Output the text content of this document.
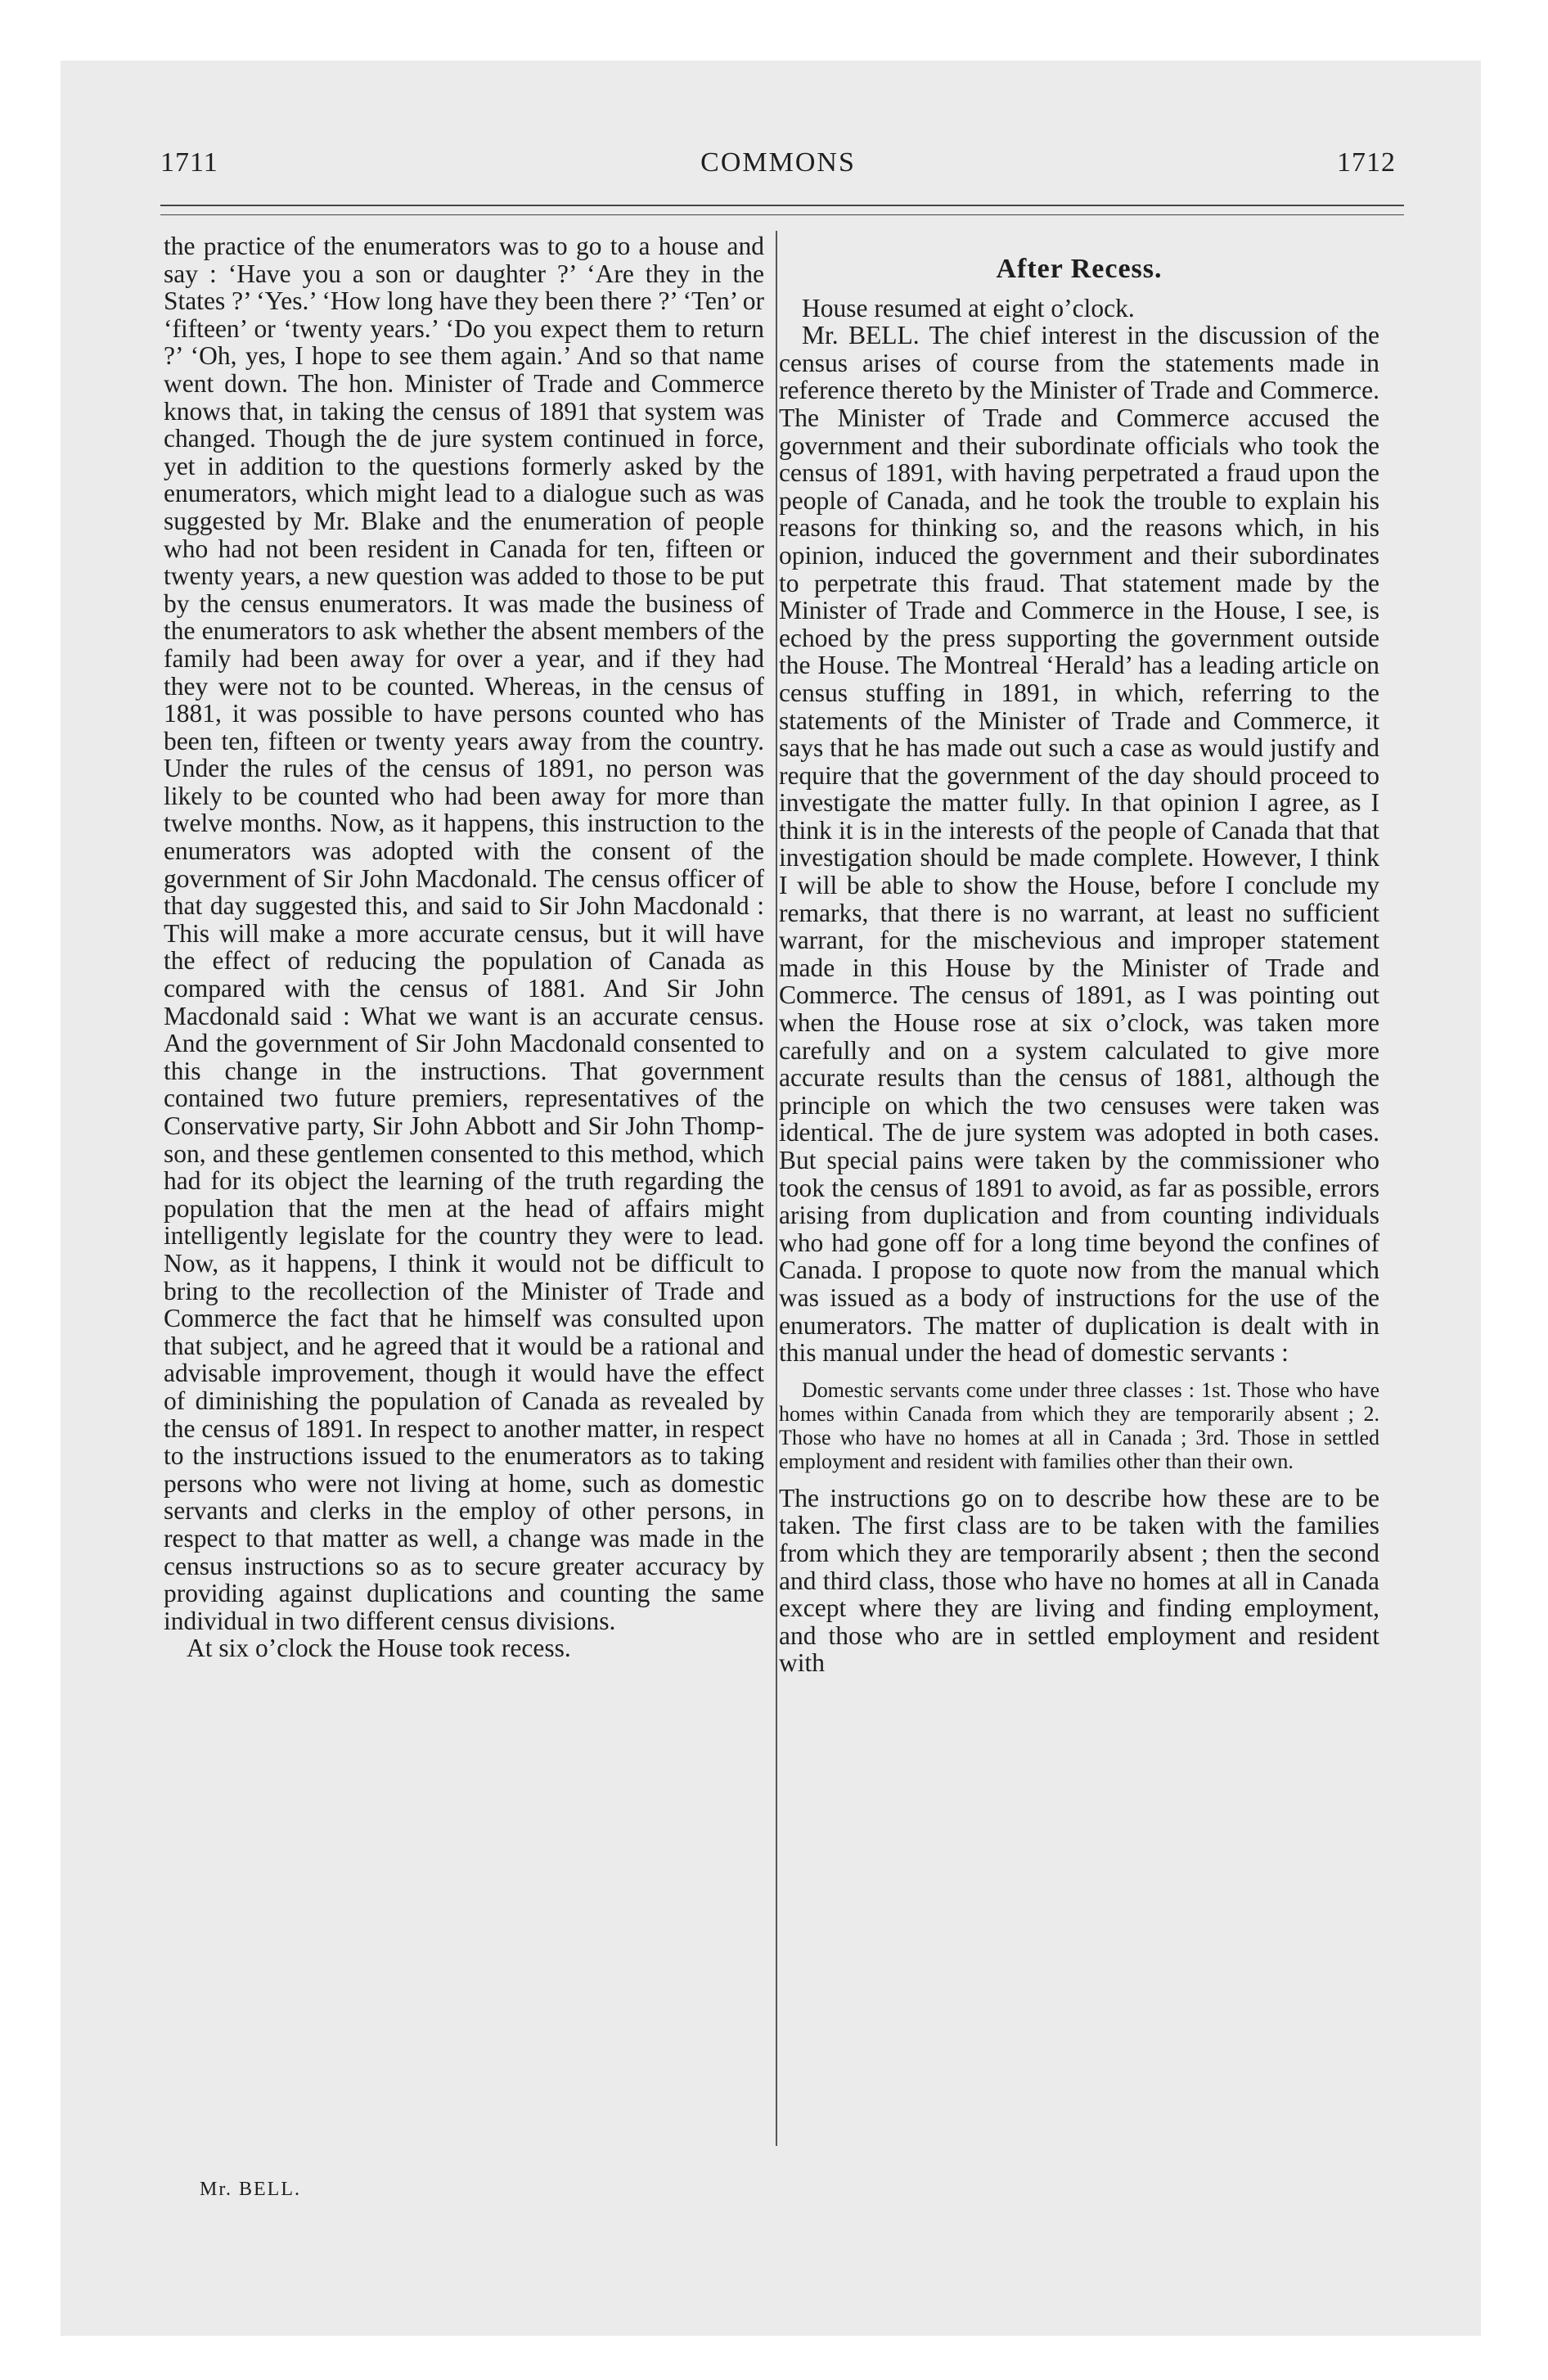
COMMONS
1711	1712

the practice of the enumerators was to go to a house and say : ‘Have you a son or daughter ?’ ‘Are they in the States ?’ ‘Yes.’ ‘How long have they been there ?’ ‘Ten’ or ‘fifteen’ or ‘twenty years.’ ‘Do you expect them to return ?’ ‘Oh, yes, I hope to see them again.’ And so that name went down. The hon. Minister of Trade and Commerce knows that, in taking the census of 1891 that system was changed. Though the de jure system continued in force, yet in addition to the questions formerly asked by the enumerators, which might lead to a dialogue such as was suggested by Mr. Blake and the enumeration of people who had not been resident in Canada for ten, fifteen or twenty years, a new question was added to those to be put by the census enumerators. It was made the business of the enumerators to ask whether the absent members of the family had been away for over a year, and if they had they were not to be counted. Whereas, in the census of 1881, it was possible to have persons counted who has been ten, fifteen or twenty years away from the country. Under the rules of the census of 1891, no person was likely to be counted who had been away for more than twelve months. Now, as it happens, this instruction to the enumerators was adopted with the consent of the government of Sir John Macdonald. The census officer of that day suggested this, and said to Sir John Macdonald : This will make a more accurate census, but it will have the effect of reducing the population of Canada as compared with the census of 1881. And Sir John Macdonald said : What we want is an accurate census. And the government of Sir John Macdonald consented to this change in the instructions. That government contained two future premiers, representatives of the Conservative party, Sir John Abbott and Sir John Thompson, and these gentlemen consented to this method, which had for its object the learning of the truth regarding the population that the men at the head of affairs might intelligently legislate for the country they were to lead. Now, as it happens, I think it would not be difficult to bring to the recollection of the Minister of Trade and Commerce the fact that he himself was consulted upon that subject, and he agreed that it would be a rational and advisable improvement, though it would have the effect of diminishing the population of Canada as revealed by the census of 1891. In respect to another matter, in respect to the instructions issued to the enumerators as to taking persons who were not living at home, such as domestic servants and clerks in the employ of other persons, in respect to that matter as well, a change was made in the census instructions so as to secure greater accuracy by providing against duplications and counting the same individual in two different census divisions.

At six o’clock the House took recess.

After Recess.

House resumed at eight o’clock.

Mr. BELL. The chief interest in the discussion of the census arises of course from the statements made in reference thereto by the Minister of Trade and Commerce. The Minister of Trade and Commerce accused the government and their subordinate officials who took the census of 1891, with having perpetrated a fraud upon the people of Canada, and he took the trouble to explain his reasons for thinking so, and the reasons which, in his opinion, induced the government and their subordinates to perpetrate this fraud. That statement made by the Minister of Trade and Commerce in the House, I see, is echoed by the press supporting the government outside the House. The Montreal ‘Herald’ has a leading article on census stuffing in 1891, in which, referring to the statements of the Minister of Trade and Commerce, it says that he has made out such a case as would justify and require that the government of the day should proceed to investigate the matter fully. In that opinion I agree, as I think it is in the interests of the people of Canada that that investigation should be made complete. However, I think I will be able to show the House, before I conclude my remarks, that there is no warrant, at least no sufficient warrant, for the mischevious and improper statement made in this House by the Minister of Trade and Commerce. The census of 1891, as I was pointing out when the House rose at six o’clock, was taken more carefully and on a system calculated to give more accurate results than the census of 1881, although the principle on which the two censuses were taken was identical. The de jure system was adopted in both cases. But special pains were taken by the commissioner who took the census of 1891 to avoid, as far as possible, errors arising from duplication and from counting individuals who had gone off for a long time beyond the confines of Canada. I propose to quote now from the manual which was issued as a body of instructions for the use of the enumerators. The matter of duplication is dealt with in this manual under the head of domestic servants :

Domestic servants come under three classes : 1st. Those who have homes within Canada from which they are temporarily absent ; 2. Those who have no homes at all in Canada ; 3rd. Those in settled employment and resident with families other than their own.

The instructions go on to describe how these are to be taken. The first class are to be taken with the families from which they are temporarily absent ; then the second and third class, those who have no homes at all in Canada except where they are living and finding employment, and those who are in settled employment and resident with

Mr. BELL.
